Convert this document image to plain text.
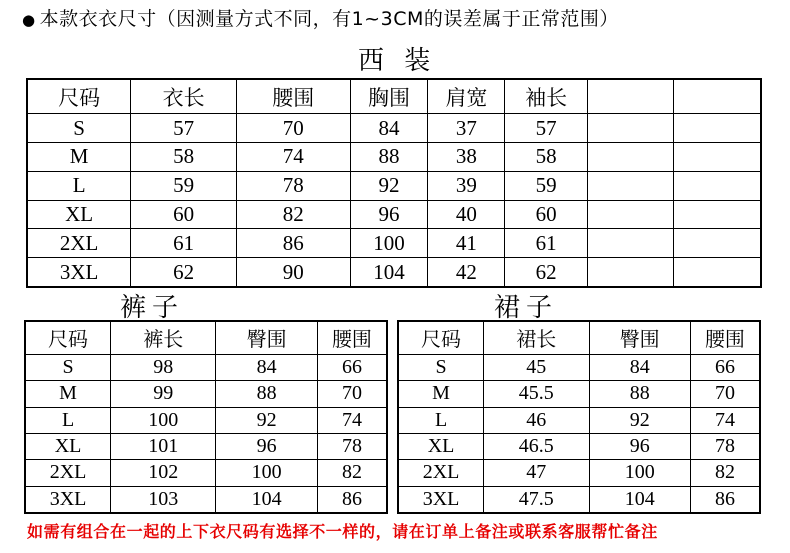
● 本款衣衣尺寸（因测量方式不同，有1~3CM的误差属于正常范围）
西 装
尺码	衣长	腰围	胸围	肩宽	袖长		
S	57	70	84	37	57		
M	58	74	88	38	58		
L	59	78	92	39	59		
XL	60	82	96	40	60		
2XL	61	86	100	41	61		
3XL	62	90	104	42	62		
裤子
尺码	裤长	臀围	腰围
S	98	84	66
M	99	88	70
L	100	92	74
XL	101	96	78
2XL	102	100	82
3XL	103	104	86
裙子
尺码	裙长	臀围	腰围
S	45	84	66
M	45.5	88	70
L	46	92	74
XL	46.5	96	78
2XL	47	100	82
3XL	47.5	104	86
如需有组合在一起的上下衣尺码有选择不一样的，请在订单上备注或联系客服帮忙备注
